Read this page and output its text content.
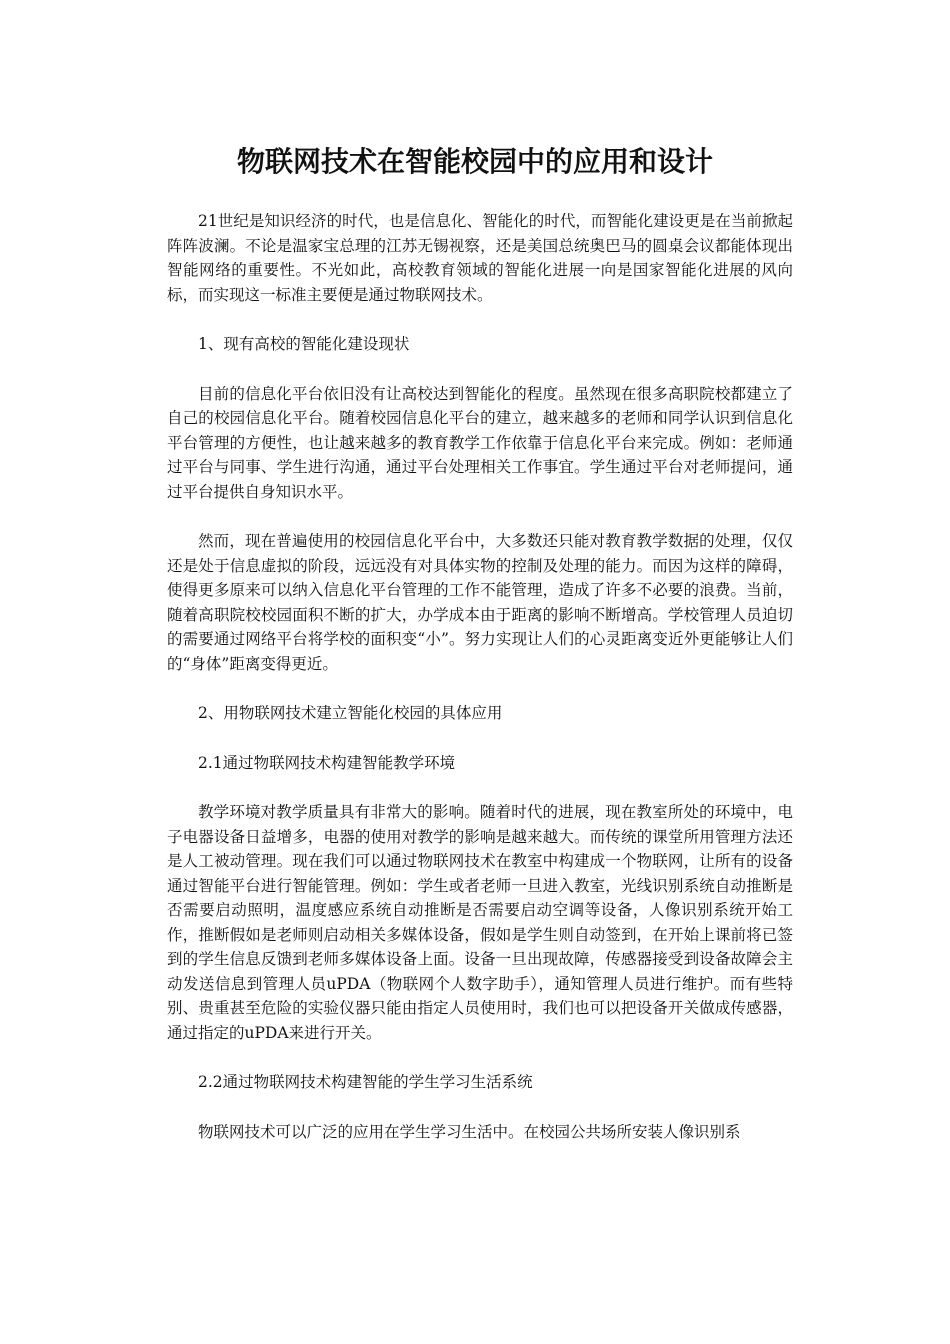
物联网技术在智能校园中的应用和设计

21世纪是知识经济的时代，也是信息化、智能化的时代，而智能化建设更是在当前掀起阵阵波澜。不论是温家宝总理的江苏无锡视察，还是美国总统奥巴马的圆桌会议都能体现出智能网络的重要性。不光如此，高校教育领域的智能化进展一向是国家智能化进展的风向标，而实现这一标准主要便是通过物联网技术。

1、现有高校的智能化建设现状

目前的信息化平台依旧没有让高校达到智能化的程度。虽然现在很多高职院校都建立了自己的校园信息化平台。随着校园信息化平台的建立，越来越多的老师和同学认识到信息化平台管理的方便性，也让越来越多的教育教学工作依靠于信息化平台来完成。例如：老师通过平台与同事、学生进行沟通，通过平台处理相关工作事宜。学生通过平台对老师提问，通过平台提供自身知识水平。

然而，现在普遍使用的校园信息化平台中，大多数还只能对教育教学数据的处理，仅仅还是处于信息虚拟的阶段，远远没有对具体实物的控制及处理的能力。而因为这样的障碍，使得更多原来可以纳入信息化平台管理的工作不能管理，造成了许多不必要的浪费。当前，随着高职院校校园面积不断的扩大，办学成本由于距离的影响不断增高。学校管理人员迫切的需要通过网络平台将学校的面积变“小”。努力实现让人们的心灵距离变近外更能够让人们的“身体”距离变得更近。

2、用物联网技术建立智能化校园的具体应用

2.1通过物联网技术构建智能教学环境

教学环境对教学质量具有非常大的影响。随着时代的进展，现在教室所处的环境中，电子电器设备日益增多，电器的使用对教学的影响是越来越大。而传统的课堂所用管理方法还是人工被动管理。现在我们可以通过物联网技术在教室中构建成一个物联网，让所有的设备通过智能平台进行智能管理。例如：学生或者老师一旦进入教室，光线识别系统自动推断是否需要启动照明，温度感应系统自动推断是否需要启动空调等设备，人像识别系统开始工作，推断假如是老师则启动相关多媒体设备，假如是学生则自动签到，在开始上课前将已签到的学生信息反馈到老师多媒体设备上面。设备一旦出现故障，传感器接受到设备故障会主动发送信息到管理人员uPDA（物联网个人数字助手），通知管理人员进行维护。而有些特别、贵重甚至危险的实验仪器只能由指定人员使用时，我们也可以把设备开关做成传感器，通过指定的uPDA来进行开关。

2.2通过物联网技术构建智能的学生学习生活系统

物联网技术可以广泛的应用在学生学习生活中。在校园公共场所安装人像识别系
